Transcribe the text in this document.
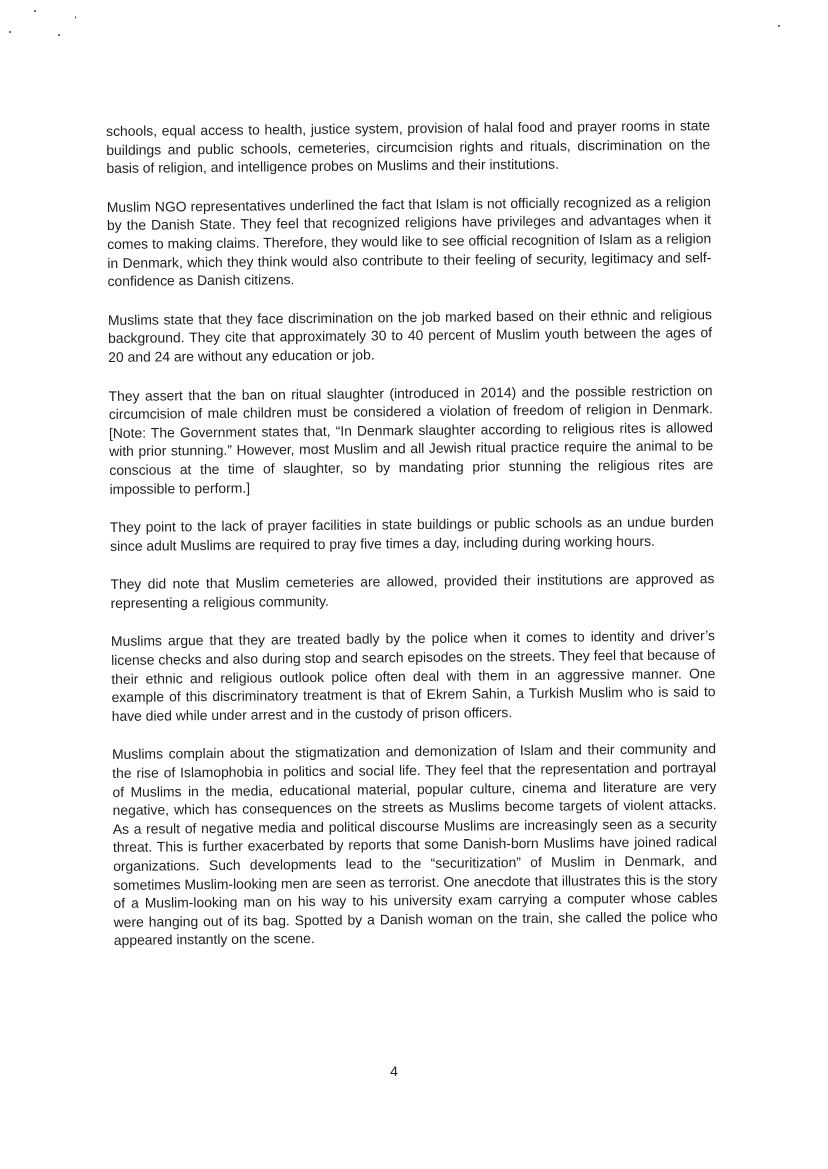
schools, equal access to health, justice system, provision of halal food and prayer rooms in state buildings and public schools, cemeteries, circumcision rights and rituals, discrimination on the basis of religion, and intelligence probes on Muslims and their institutions.

Muslim NGO representatives underlined the fact that Islam is not officially recognized as a religion by the Danish State. They feel that recognized religions have privileges and advantages when it comes to making claims. Therefore, they would like to see official recognition of Islam as a religion in Denmark, which they think would also contribute to their feeling of security, legitimacy and self-confidence as Danish citizens.

Muslims state that they face discrimination on the job marked based on their ethnic and religious background. They cite that approximately 30 to 40 percent of Muslim youth between the ages of 20 and 24 are without any education or job.

They assert that the ban on ritual slaughter (introduced in 2014) and the possible restriction on circumcision of male children must be considered a violation of freedom of religion in Denmark. [Note: The Government states that, “In Denmark slaughter according to religious rites is allowed with prior stunning.” However, most Muslim and all Jewish ritual practice require the animal to be conscious at the time of slaughter, so by mandating prior stunning the religious rites are impossible to perform.]

They point to the lack of prayer facilities in state buildings or public schools as an undue burden since adult Muslims are required to pray five times a day, including during working hours.

They did note that Muslim cemeteries are allowed, provided their institutions are approved as representing a religious community.

Muslims argue that they are treated badly by the police when it comes to identity and driver’s license checks and also during stop and search episodes on the streets. They feel that because of their ethnic and religious outlook police often deal with them in an aggressive manner. One example of this discriminatory treatment is that of Ekrem Sahin, a Turkish Muslim who is said to have died while under arrest and in the custody of prison officers.

Muslims complain about the stigmatization and demonization of Islam and their community and the rise of Islamophobia in politics and social life. They feel that the representation and portrayal of Muslims in the media, educational material, popular culture, cinema and literature are very negative, which has consequences on the streets as Muslims become targets of violent attacks. As a result of negative media and political discourse Muslims are increasingly seen as a security threat. This is further exacerbated by reports that some Danish-born Muslims have joined radical organizations. Such developments lead to the “securitization” of Muslim in Denmark, and sometimes Muslim-looking men are seen as terrorist. One anecdote that illustrates this is the story of a Muslim-looking man on his way to his university exam carrying a computer whose cables were hanging out of its bag. Spotted by a Danish woman on the train, she called the police who appeared instantly on the scene.

4
